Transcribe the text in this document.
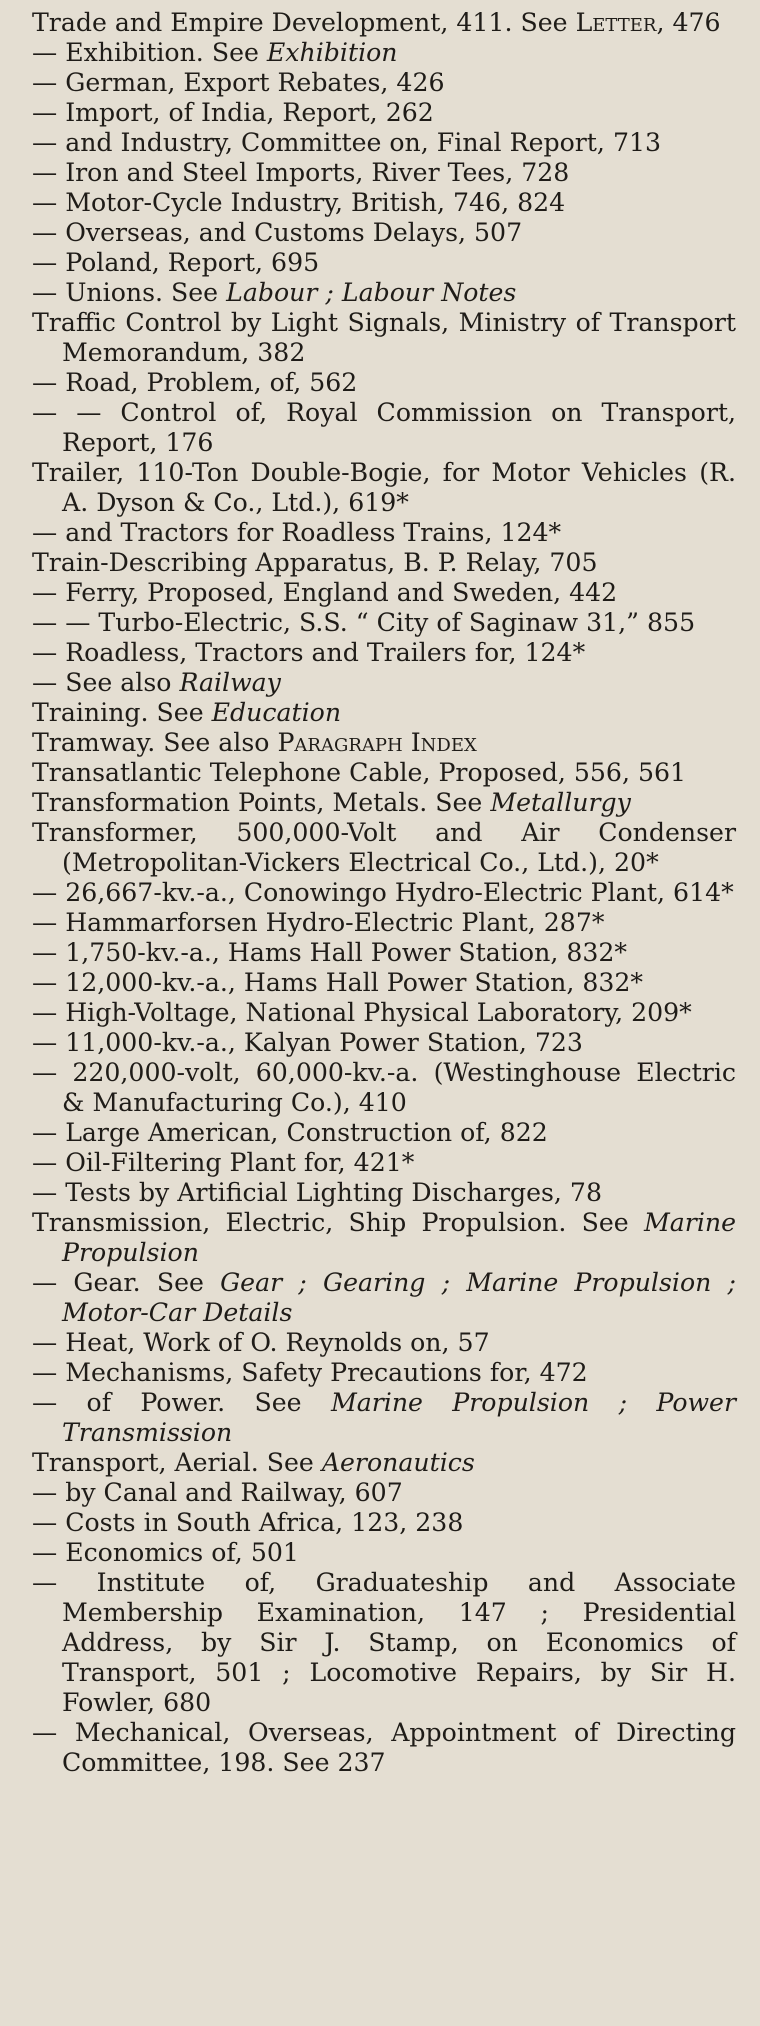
Trade and Empire Development, 411. See Letter, 476
— Exhibition. See Exhibition
— German, Export Rebates, 426
— Import, of India, Report, 262
— and Industry, Committee on, Final Report, 713
— Iron and Steel Imports, River Tees, 728
— Motor-Cycle Industry, British, 746, 824
— Overseas, and Customs Delays, 507
— Poland, Report, 695
— Unions. See Labour ; Labour Notes
Traffic Control by Light Signals, Ministry of Transport Memorandum, 382
— Road, Problem, of, 562
— — Control of, Royal Commission on Transport, Report, 176
Trailer, 110-Ton Double-Bogie, for Motor Vehicles (R. A. Dyson & Co., Ltd.), 619*
— and Tractors for Roadless Trains, 124*
Train-Describing Apparatus, B. P. Relay, 705
— Ferry, Proposed, England and Sweden, 442
— — Turbo-Electric, S.S. “ City of Saginaw 31,” 855
— Roadless, Tractors and Trailers for, 124*
— See also Railway
Training. See Education
Tramway. See also Paragraph Index
Transatlantic Telephone Cable, Proposed, 556, 561
Transformation Points, Metals. See Metallurgy
Transformer, 500,000-Volt and Air Condenser (Metropolitan-Vickers Electrical Co., Ltd.), 20*
— 26,667-kv.-a., Conowingo Hydro-Electric Plant, 614*
— Hammarforsen Hydro-Electric Plant, 287*
— 1,750-kv.-a., Hams Hall Power Station, 832*
— 12,000-kv.-a., Hams Hall Power Station, 832*
— High-Voltage, National Physical Laboratory, 209*
— 11,000-kv.-a., Kalyan Power Station, 723
— 220,000-volt, 60,000-kv.-a. (Westinghouse Electric & Manufacturing Co.), 410
— Large American, Construction of, 822
— Oil-Filtering Plant for, 421*
— Tests by Artificial Lighting Discharges, 78
Transmission, Electric, Ship Propulsion. See Marine Propulsion
— Gear. See Gear ; Gearing ; Marine Propulsion ; Motor-Car Details
— Heat, Work of O. Reynolds on, 57
— Mechanisms, Safety Precautions for, 472
— of Power. See Marine Propulsion ; Power Transmission
Transport, Aerial. See Aeronautics
— by Canal and Railway, 607
— Costs in South Africa, 123, 238
— Economics of, 501
— Institute of, Graduateship and Associate Membership Examination, 147 ; Presidential Address, by Sir J. Stamp, on Economics of Transport, 501 ; Locomotive Repairs, by Sir H. Fowler, 680
— Mechanical, Overseas, Appointment of Directing Committee, 198. See 237
